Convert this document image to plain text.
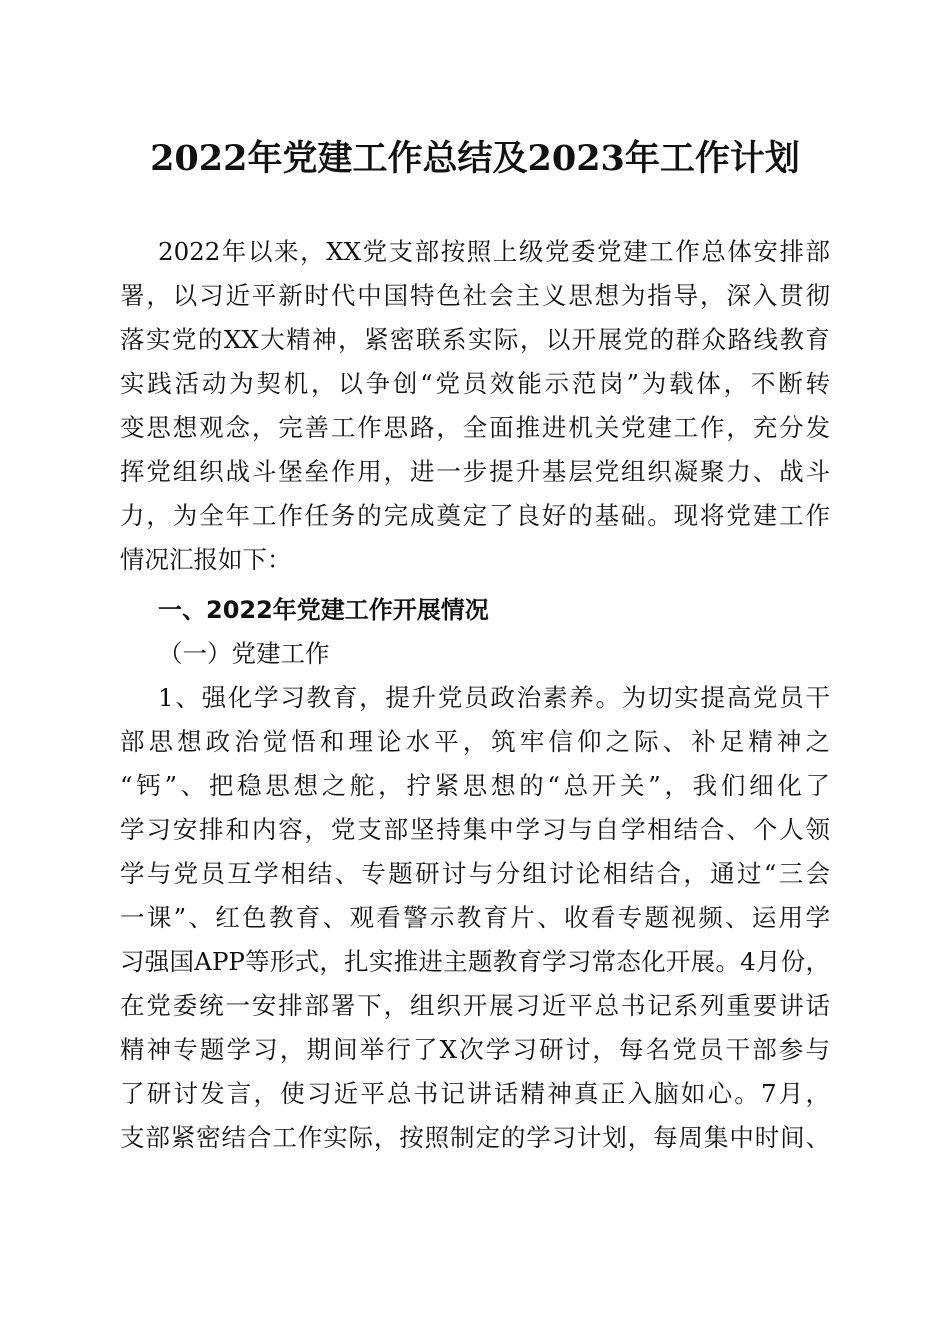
2022年党建工作总结及2023年工作计划
2022年以来，XX党支部按照上级党委党建工作总体安排部
署，以习近平新时代中国特色社会主义思想为指导，深入贯彻
落实党的XX大精神，紧密联系实际，以开展党的群众路线教育
实践活动为契机，以争创“党员效能示范岗”为载体，不断转
变思想观念，完善工作思路，全面推进机关党建工作，充分发
挥党组织战斗堡垒作用，进一步提升基层党组织凝聚力、战斗
力，为全年工作任务的完成奠定了良好的基础。现将党建工作
情况汇报如下：
一、2022年党建工作开展情况
（一）党建工作
1、强化学习教育，提升党员政治素养。为切实提高党员干
部思想政治觉悟和理论水平，筑牢信仰之际、补足精神之
“钙”、把稳思想之舵，拧紧思想的“总开关”，我们细化了
学习安排和内容，党支部坚持集中学习与自学相结合、个人领
学与党员互学相结、专题研讨与分组讨论相结合，通过“三会
一课”、红色教育、观看警示教育片、收看专题视频、运用学
习强国APP等形式，扎实推进主题教育学习常态化开展。4月份，
在党委统一安排部署下，组织开展习近平总书记系列重要讲话
精神专题学习，期间举行了X次学习研讨，每名党员干部参与
了研讨发言，使习近平总书记讲话精神真正入脑如心。7月，
支部紧密结合工作实际，按照制定的学习计划，每周集中时间、
